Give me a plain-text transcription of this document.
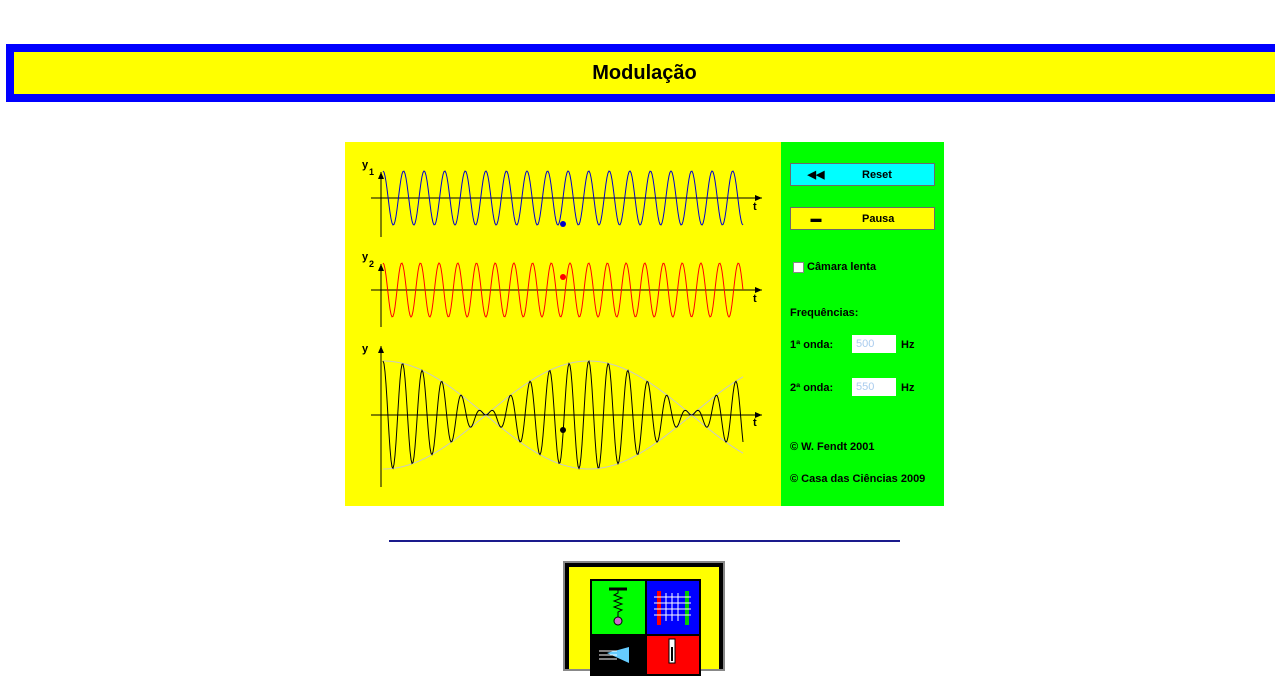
Modulação
y
1
t
y
2
t
y
t
◀◀	Reset
▬	Pausa
Câmara lenta
Frequências:
1ª onda:
500	Hz
2ª onda:
550	Hz
© W. Fendt 2001
© Casa das Ciências 2009
